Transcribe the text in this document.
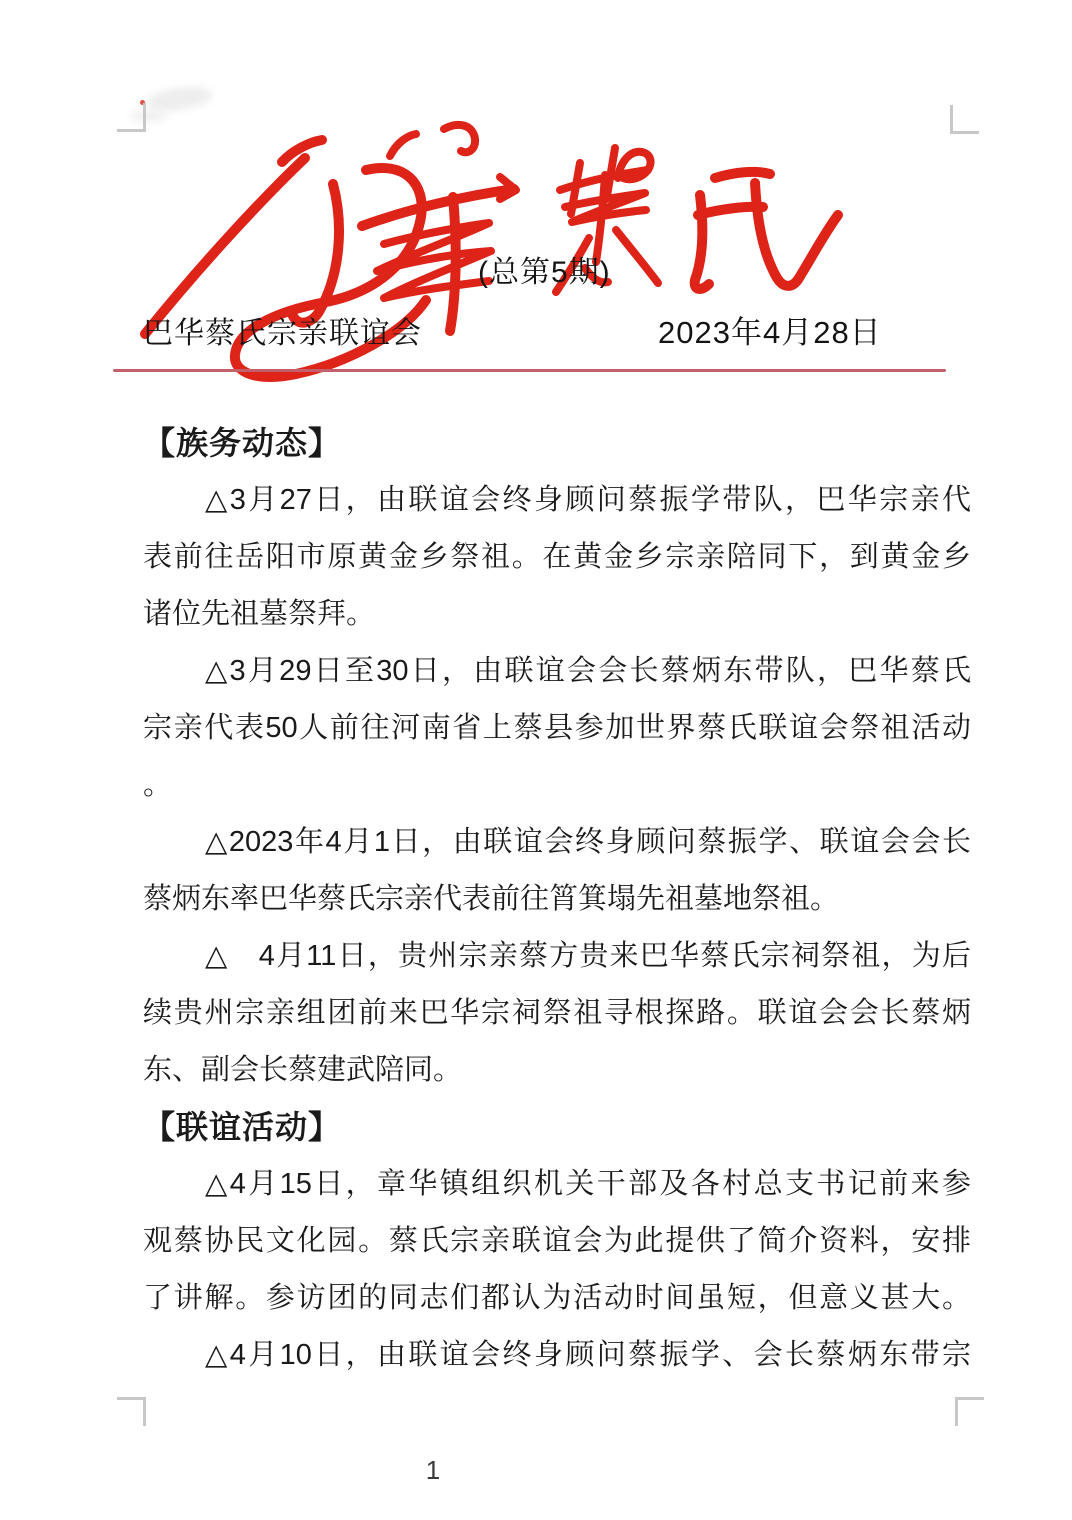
(总第5期)
巴华蔡氏宗亲联谊会	2023年4月28日
【族务动态】
△3月27日，由联谊会终身顾问蔡振学带队，巴华宗亲代
表前往岳阳市原黄金乡祭祖。在黄金乡宗亲陪同下，到黄金乡
诸位先祖墓祭拜。
△3月29日至30日，由联谊会会长蔡炳东带队，巴华蔡氏
宗亲代表50人前往河南省上蔡县参加世界蔡氏联谊会祭祖活动
。
△2023年4月1日，由联谊会终身顾问蔡振学、联谊会会长
蔡炳东率巴华蔡氏宗亲代表前往筲箕塌先祖墓地祭祖。
△　4月11日，贵州宗亲蔡方贵来巴华蔡氏宗祠祭祖，为后
续贵州宗亲组团前来巴华宗祠祭祖寻根探路。联谊会会长蔡炳
东、副会长蔡建武陪同。
【联谊活动】
△4月15日，章华镇组织机关干部及各村总支书记前来参
观蔡协民文化园。蔡氏宗亲联谊会为此提供了简介资料，安排
了讲解。参访团的同志们都认为活动时间虽短，但意义甚大。
△4月10日，由联谊会终身顾问蔡振学、会长蔡炳东带宗
1
